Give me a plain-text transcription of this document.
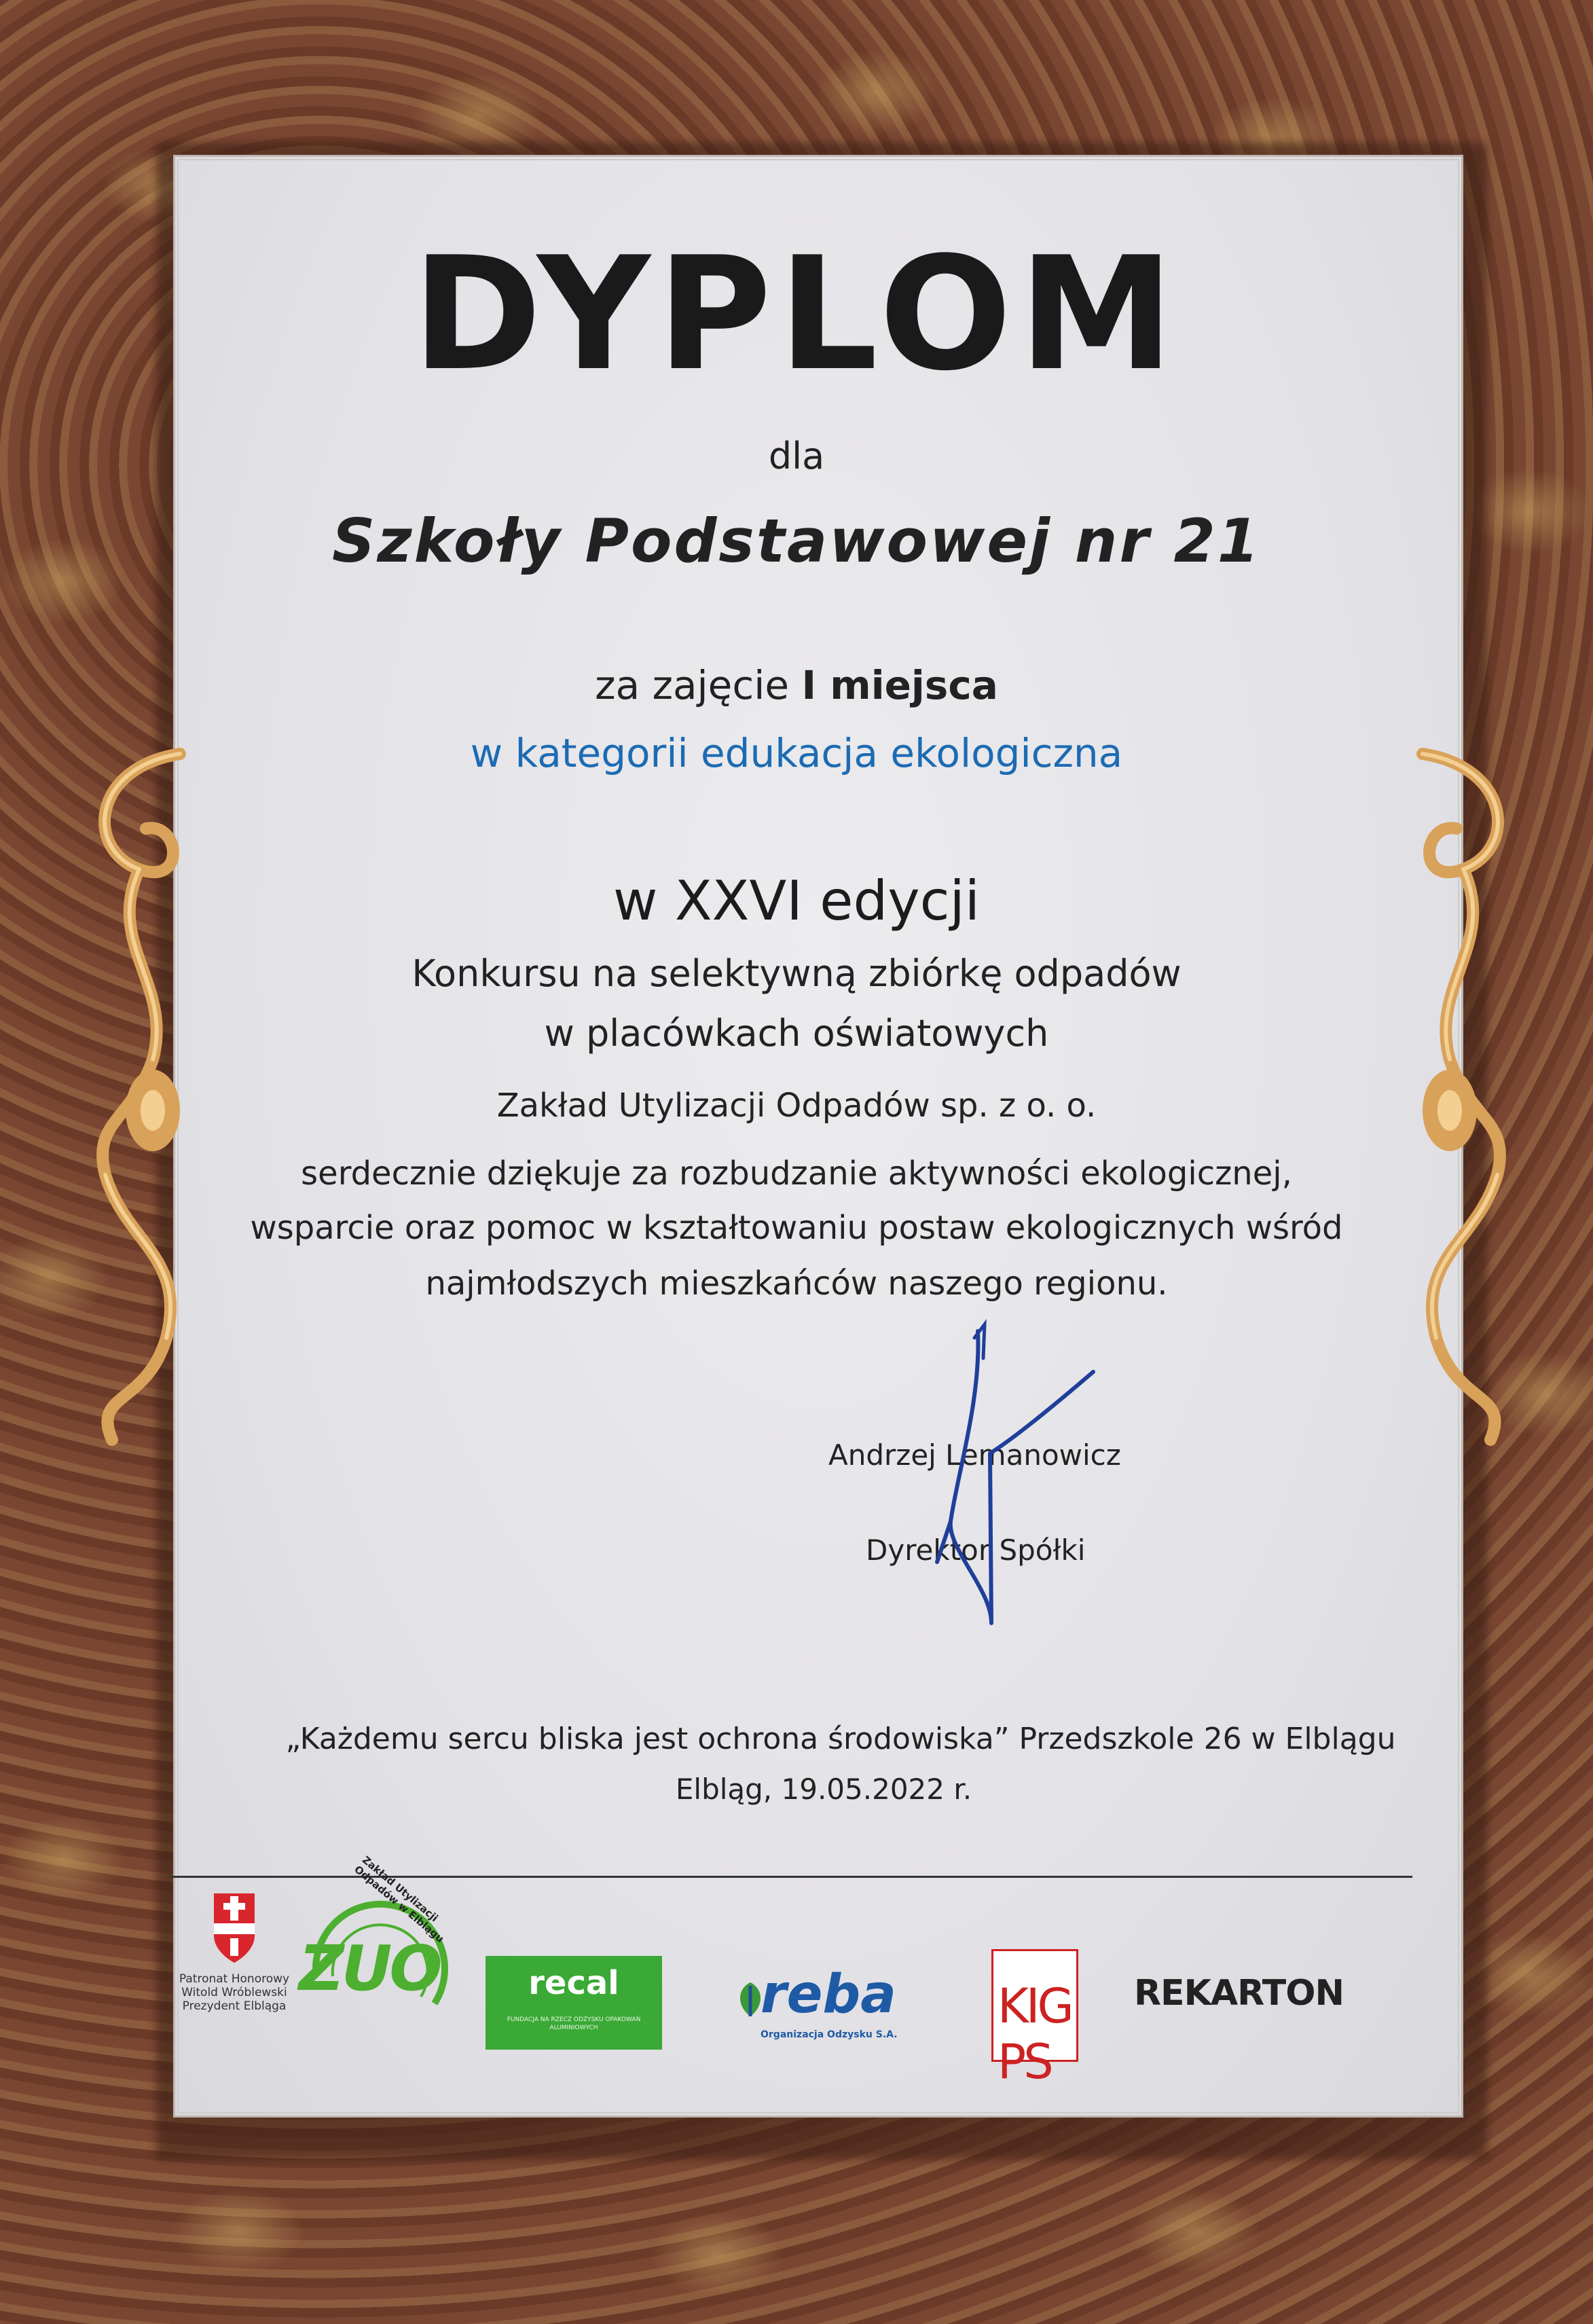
DYPLOM
dla
Szkoły Podstawowej nr 21
za zajęcie I miejsca
w kategorii edukacja ekologiczna
w XXVI edycji
Konkursu na selektywną zbiórkę odpadów
w placówkach oświatowych
Zakład Utylizacji Odpadów sp. z o. o.
serdecznie dziękuje za rozbudzanie aktywności ekologicznej,
wsparcie oraz pomoc w kształtowaniu postaw ekologicznych wśród
najmłodszych mieszkańców naszego regionu.
Andrzej Lemanowicz
Dyrektor Spółki
„Każdemu sercu bliska jest ochrona środowiska” Przedszkole 26 w Elblągu
Elbląg, 19.05.2022 r.
Patronat Honorowy
Witold Wróblewski
Prezydent Elbląga
ZUO
Zakład Utylizacji Odpadów w Elblągu
recal
FUNDACJA NA RZECZ ODZYSKU OPAKOWAŃ ALUMINIOWYCH
reba
Organizacja Odzysku S.A.
KIG PS
REKARTON
